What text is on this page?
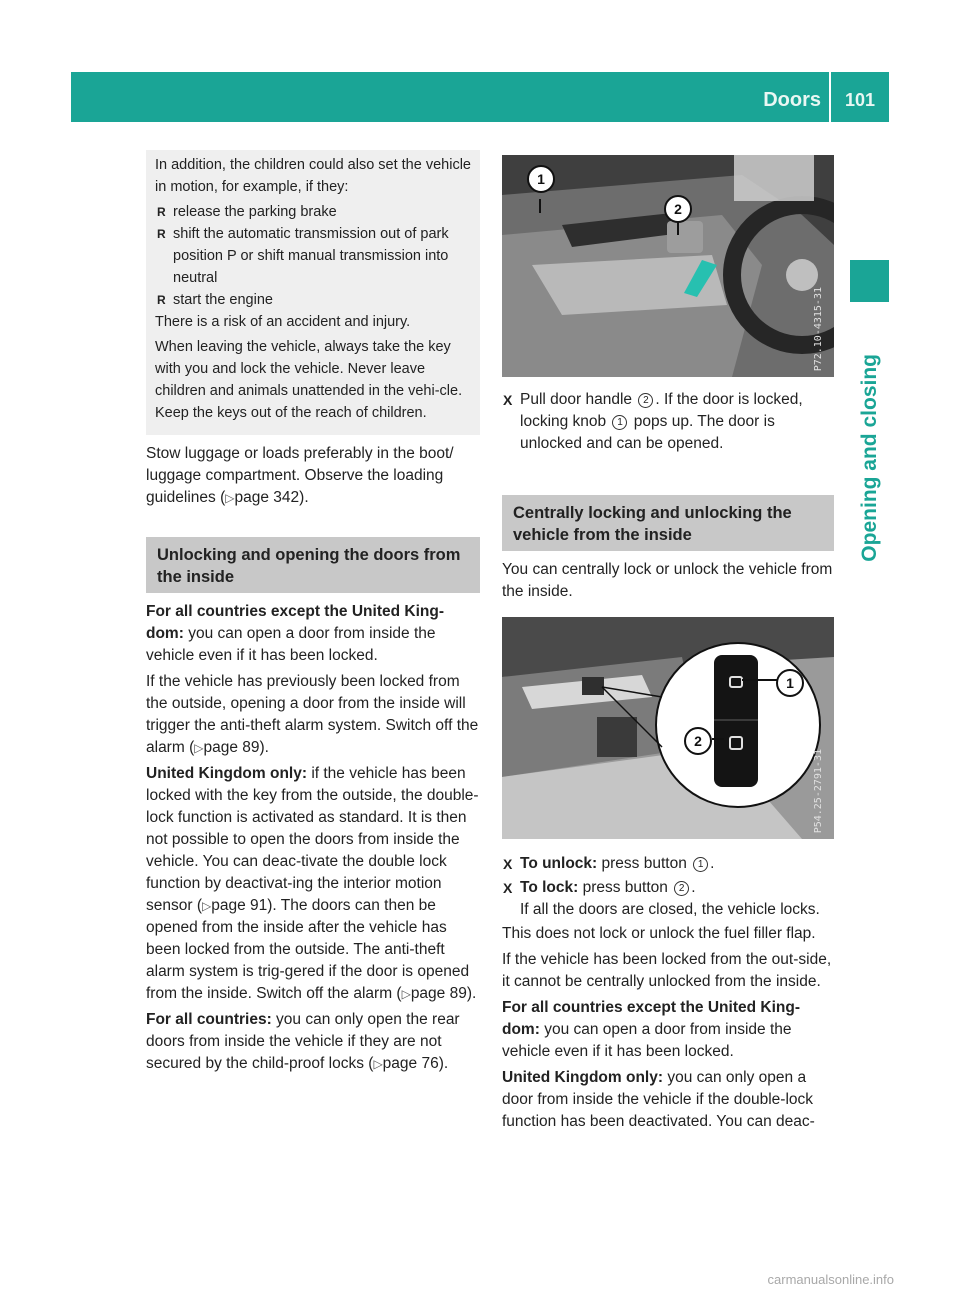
Doors 101
Opening and closing

In addition, the children could also set the vehicle in motion, for example, if they:

R release the parking brake
R shift the automatic transmission out of park position P or shift manual transmission into neutral
R start the engine

There is a risk of an accident and injury.

When leaving the vehicle, always take the key with you and lock the vehicle. Never leave children and animals unattended in the vehi-cle. Keep the keys out of the reach of children.

Stow luggage or loads preferably in the boot/ luggage compartment. Observe the loading guidelines (▷page 342).

Unlocking and opening the doors from the inside

For all countries except the United King-dom: you can open a door from inside the vehicle even if it has been locked.

If the vehicle has previously been locked from the outside, opening a door from the inside will trigger the anti-theft alarm system. Switch off the alarm (▷page 89).

United Kingdom only: if the vehicle has been locked with the key from the outside, the double-lock function is activated as standard. It is then not possible to open the doors from inside the vehicle. You can deac-tivate the double lock function by deactivat-ing the interior motion sensor (▷page 91). The doors can then be opened from the inside after the vehicle has been locked from the outside. The anti-theft alarm system is trig-gered if the door is opened from the inside. Switch off the alarm (▷page 89).

For all countries: you can only open the rear doors from inside the vehicle if they are not secured by the child-proof locks (▷page 76).

1
2
P72.10-4315-31
X Pull door handle 2 . If the door is locked, locking knob 1 pops up. The door is unlocked and can be opened.
Centrally locking and unlocking the vehicle from the inside

You can centrally lock or unlock the vehicle from the inside.

1
2
P54.25-2791-31
X To unlock: press button 1 .
X To lock: press button 2 .
If all the doors are closed, the vehicle locks.

This does not lock or unlock the fuel filler flap.

If the vehicle has been locked from the out-side, it cannot be centrally unlocked from the inside.

For all countries except the United King-dom: you can open a door from inside the vehicle even if it has been locked.

United Kingdom only: you can only open a door from inside the vehicle if the double-lock function has been deactivated. You can deac-

carmanualsonline.info
